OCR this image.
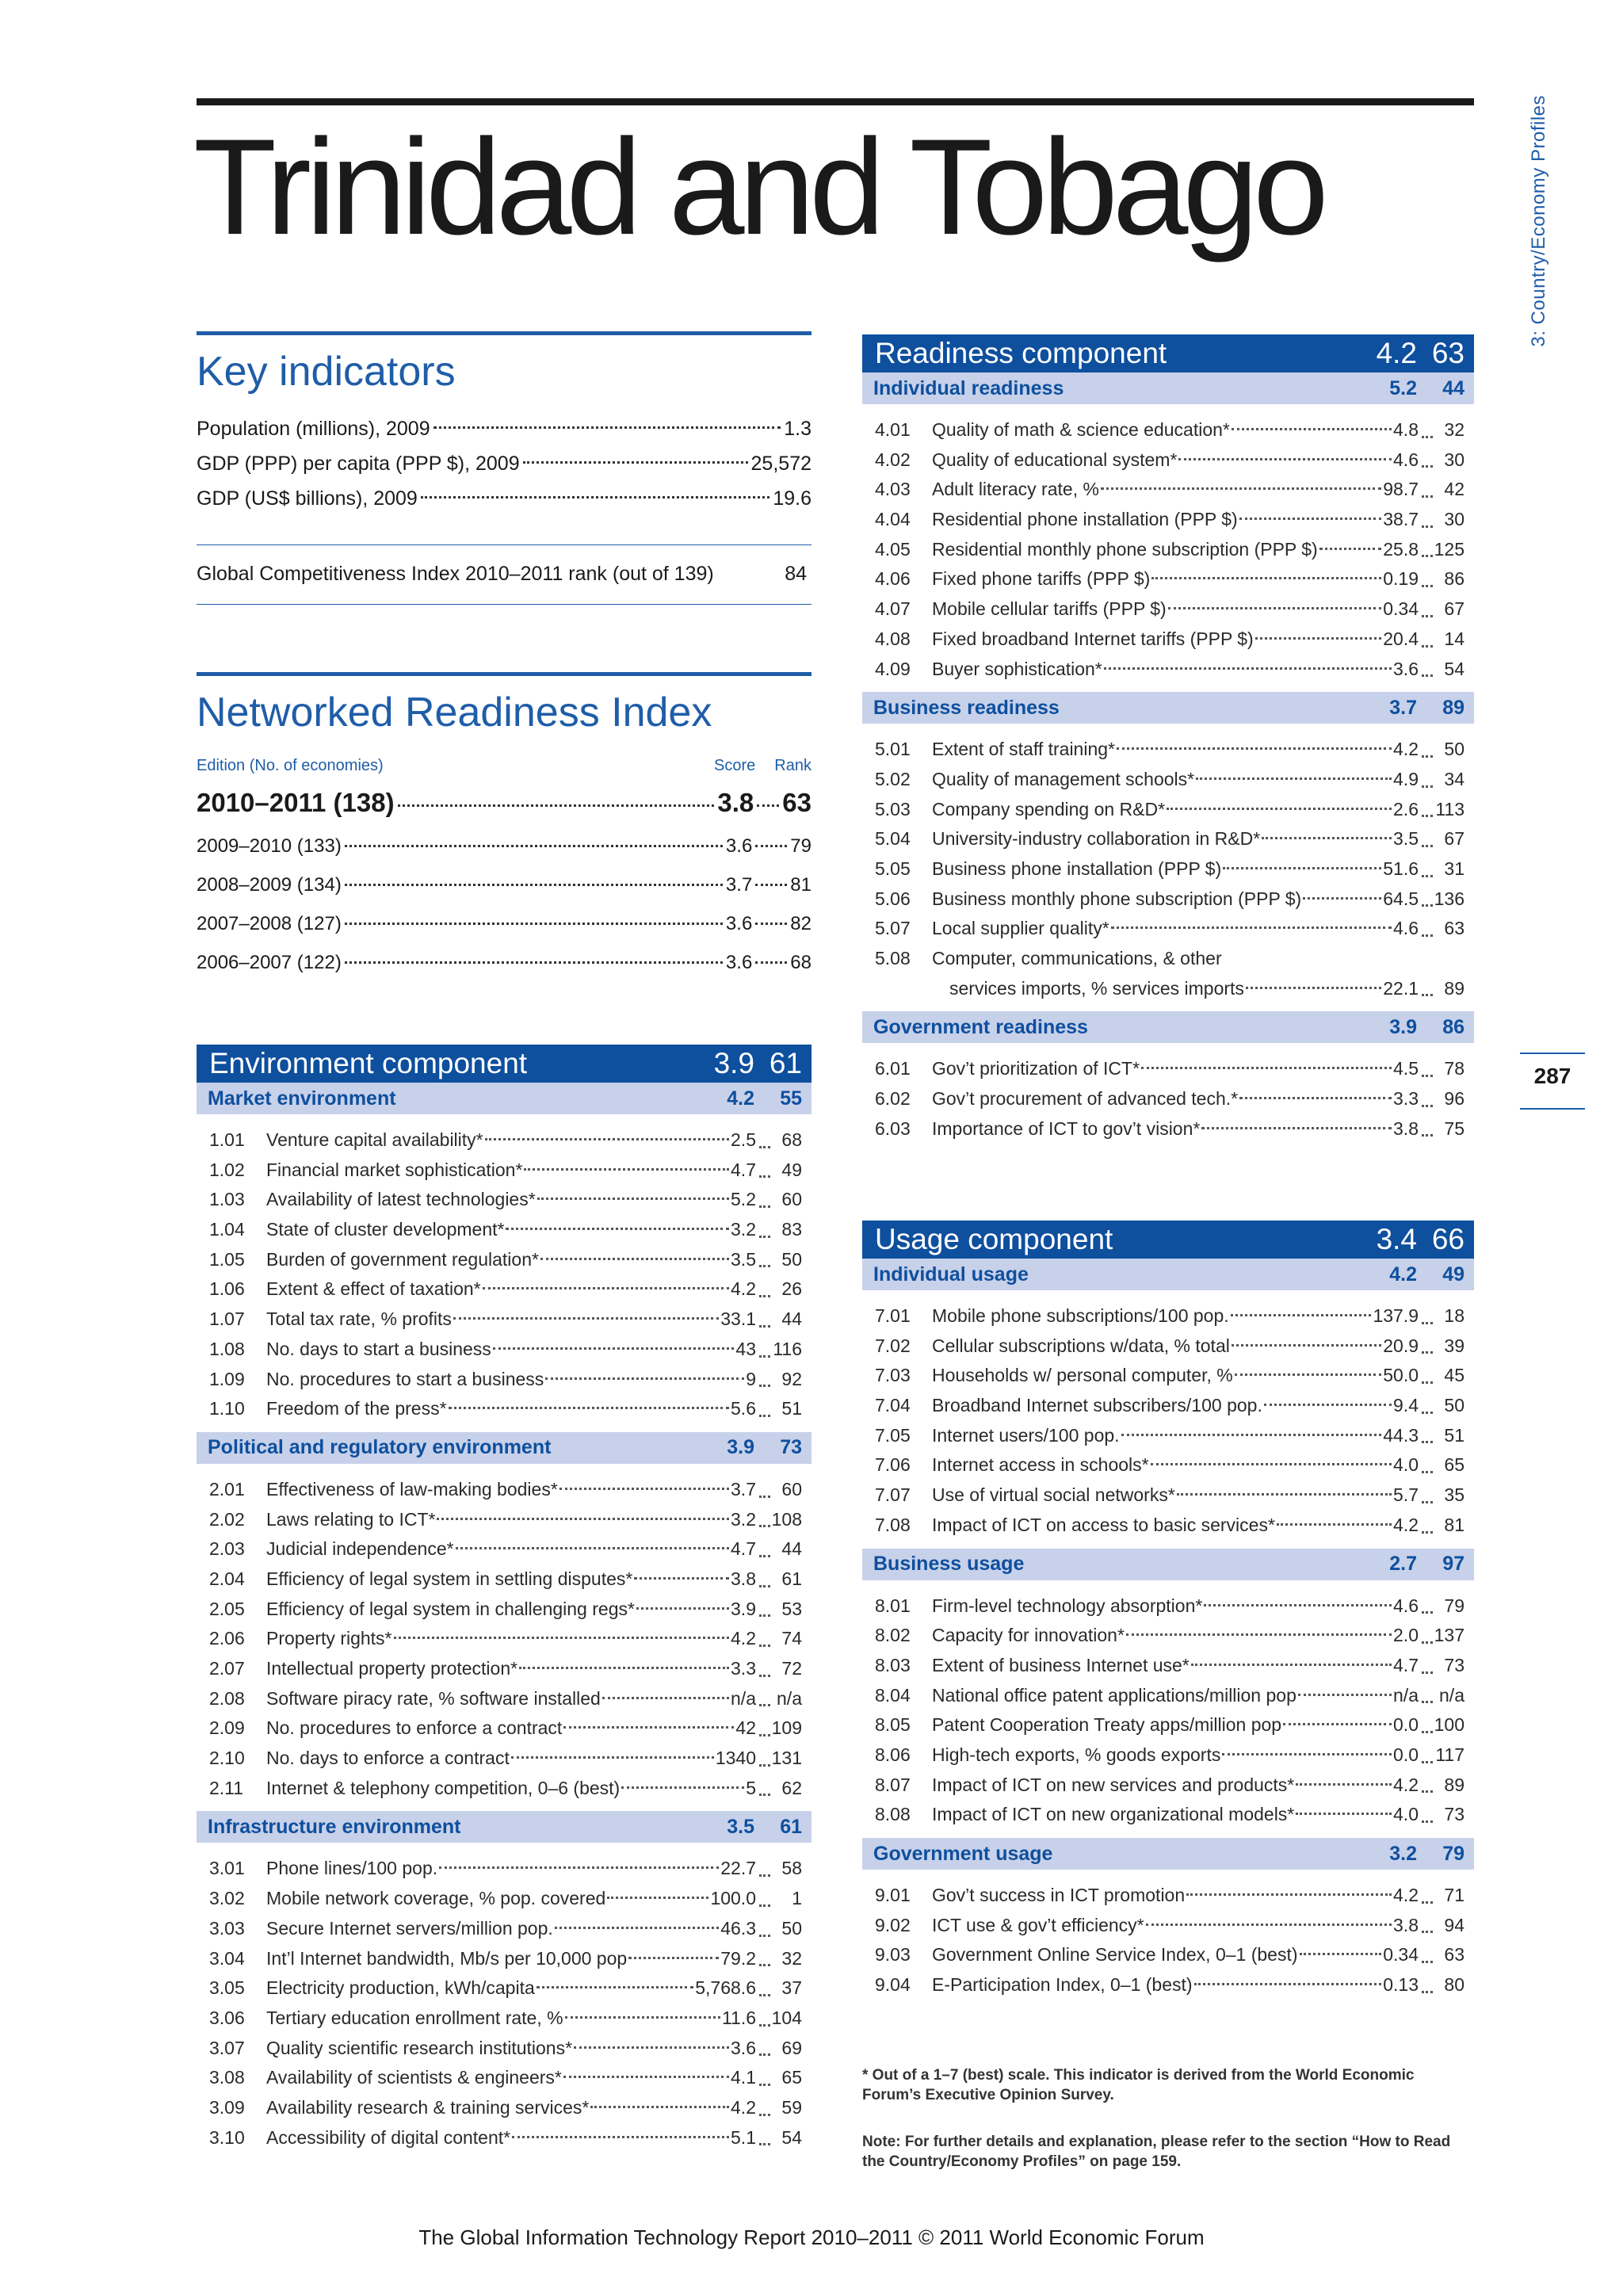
Trinidad and Tobago	3: Country/Economy Profiles
287
Key indicators
Population (millions), 2009	1.3
GDP (PPP) per capita (PPP $), 2009	25,572
GDP (US$ billions), 2009	19.6
Global Competitiveness Index 2010–2011 rank (out of 139)	84
Networked Readiness Index
Edition (No. of economies)	Score Rank
2010–2011 (138)	3.8 63
2009–2010 (133)	3.6 79
2008–2009 (134)	3.7 81
2007–2008 (127)	3.6 82
2006–2007 (122)	3.6 68
Environment component	3.9 61
Market environment	4.2	55
1.01	Venture capital availability*	2.5	68
1.02	Financial market sophistication*	4.7	49
1.03	Availability of latest technologies*	5.2	60
1.04	State of cluster development*	3.2	83
1.05	Burden of government regulation*	3.5	50
1.06	Extent & effect of taxation*	4.2	26
1.07	Total tax rate, % profits	33.1	44
1.08	No. days to start a business	43 116
1.09	No. procedures to start a business	9	92
1.10	Freedom of the press*	5.6	51
Political and regulatory environment	3.9	73
2.01	Effectiveness of law-making bodies*	3.7	60
2.02	Laws relating to ICT*	3.2 108
2.03	Judicial independence*	4.7	44
2.04	Efficiency of legal system in settling disputes*	3.8	61
2.05	Efficiency of legal system in challenging regs*	3.9	53
2.06	Property rights*	4.2	74
2.07	Intellectual property protection*	3.3	72
2.08	Software piracy rate, % software installed	n/a	n/a
2.09	No. procedures to enforce a contract	42 109
2.10	No. days to enforce a contract	1340 131
2.11	Internet & telephony competition, 0–6 (best)	5	62
Infrastructure environment	3.5	61
3.01	Phone lines/100 pop.	22.7	58
3.02	Mobile network coverage, % pop. covered	100.0	1
3.03	Secure Internet servers/million pop.	46.3	50
3.04	Int’l Internet bandwidth, Mb/s per 10,000 pop	79.2	32
3.05	Electricity production, kWh/capita	5,768.6	37
3.06	Tertiary education enrollment rate, %	11.6 104
3.07	Quality scientific research institutions*	3.6	69
3.08	Availability of scientists & engineers*	4.1	65
3.09	Availability research & training services*	4.2	59
3.10	Accessibility of digital content*	5.1	54
Readiness component	4.2 63
Individual readiness	5.2	44
4.01	Quality of math & science education*	4.8	32
4.02	Quality of educational system*	4.6	30
4.03	Adult literacy rate, %	98.7	42
4.04	Residential phone installation (PPP $)	38.7	30
4.05	Residential monthly phone subscription (PPP $)	25.8 125
4.06	Fixed phone tariffs (PPP $)	0.19	86
4.07	Mobile cellular tariffs (PPP $)	0.34	67
4.08	Fixed broadband Internet tariffs (PPP $)	20.4	14
4.09	Buyer sophistication*	3.6	54
Business readiness	3.7	89
5.01	Extent of staff training*	4.2	50
5.02	Quality of management schools*	4.9	34
5.03	Company spending on R&D*	2.6 113
5.04	University-industry collaboration in R&D*	3.5	67
5.05	Business phone installation (PPP $)	51.6	31
5.06	Business monthly phone subscription (PPP $)	64.5 136
5.07	Local supplier quality*	4.6	63
5.08	Computer, communications, & other
services imports, % services imports	22.1	89
Government readiness	3.9	86
6.01	Gov’t prioritization of ICT*	4.5	78
6.02	Gov’t procurement of advanced tech.*	3.3	96
6.03	Importance of ICT to gov’t vision*	3.8	75
Usage component	3.4 66
Individual usage	4.2	49
7.01	Mobile phone subscriptions/100 pop.	137.9	18
7.02	Cellular subscriptions w/data, % total	20.9	39
7.03	Households w/ personal computer, %	50.0	45
7.04	Broadband Internet subscribers/100 pop.	9.4	50
7.05	Internet users/100 pop.	44.3	51
7.06	Internet access in schools*	4.0	65
7.07	Use of virtual social networks*	5.7	35
7.08	Impact of ICT on access to basic services*	4.2	81
Business usage	2.7	97
8.01	Firm-level technology absorption*	4.6	79
8.02	Capacity for innovation*	2.0 137
8.03	Extent of business Internet use*	4.7	73
8.04	National office patent applications/million pop	n/a	n/a
8.05	Patent Cooperation Treaty apps/million pop	0.0 100
8.06	High-tech exports, % goods exports	0.0 117
8.07	Impact of ICT on new services and products*	4.2	89
8.08	Impact of ICT on new organizational models*	4.0	73
Government usage	3.2	79
9.01	Gov’t success in ICT promotion	4.2	71
9.02	ICT use & gov’t efficiency*	3.8	94
9.03	Government Online Service Index, 0–1 (best)	0.34	63
9.04	E-Participation Index, 0–1 (best)	0.13	80
* Out of a 1–7 (best) scale. This indicator is derived from the World Economic Forum’s Executive Opinion Survey.
Note: For further details and explanation, please refer to the section “How to Read the Country/Economy Profiles” on page 159.
The Global Information Technology Report 2010–2011 © 2011 World Economic Forum
